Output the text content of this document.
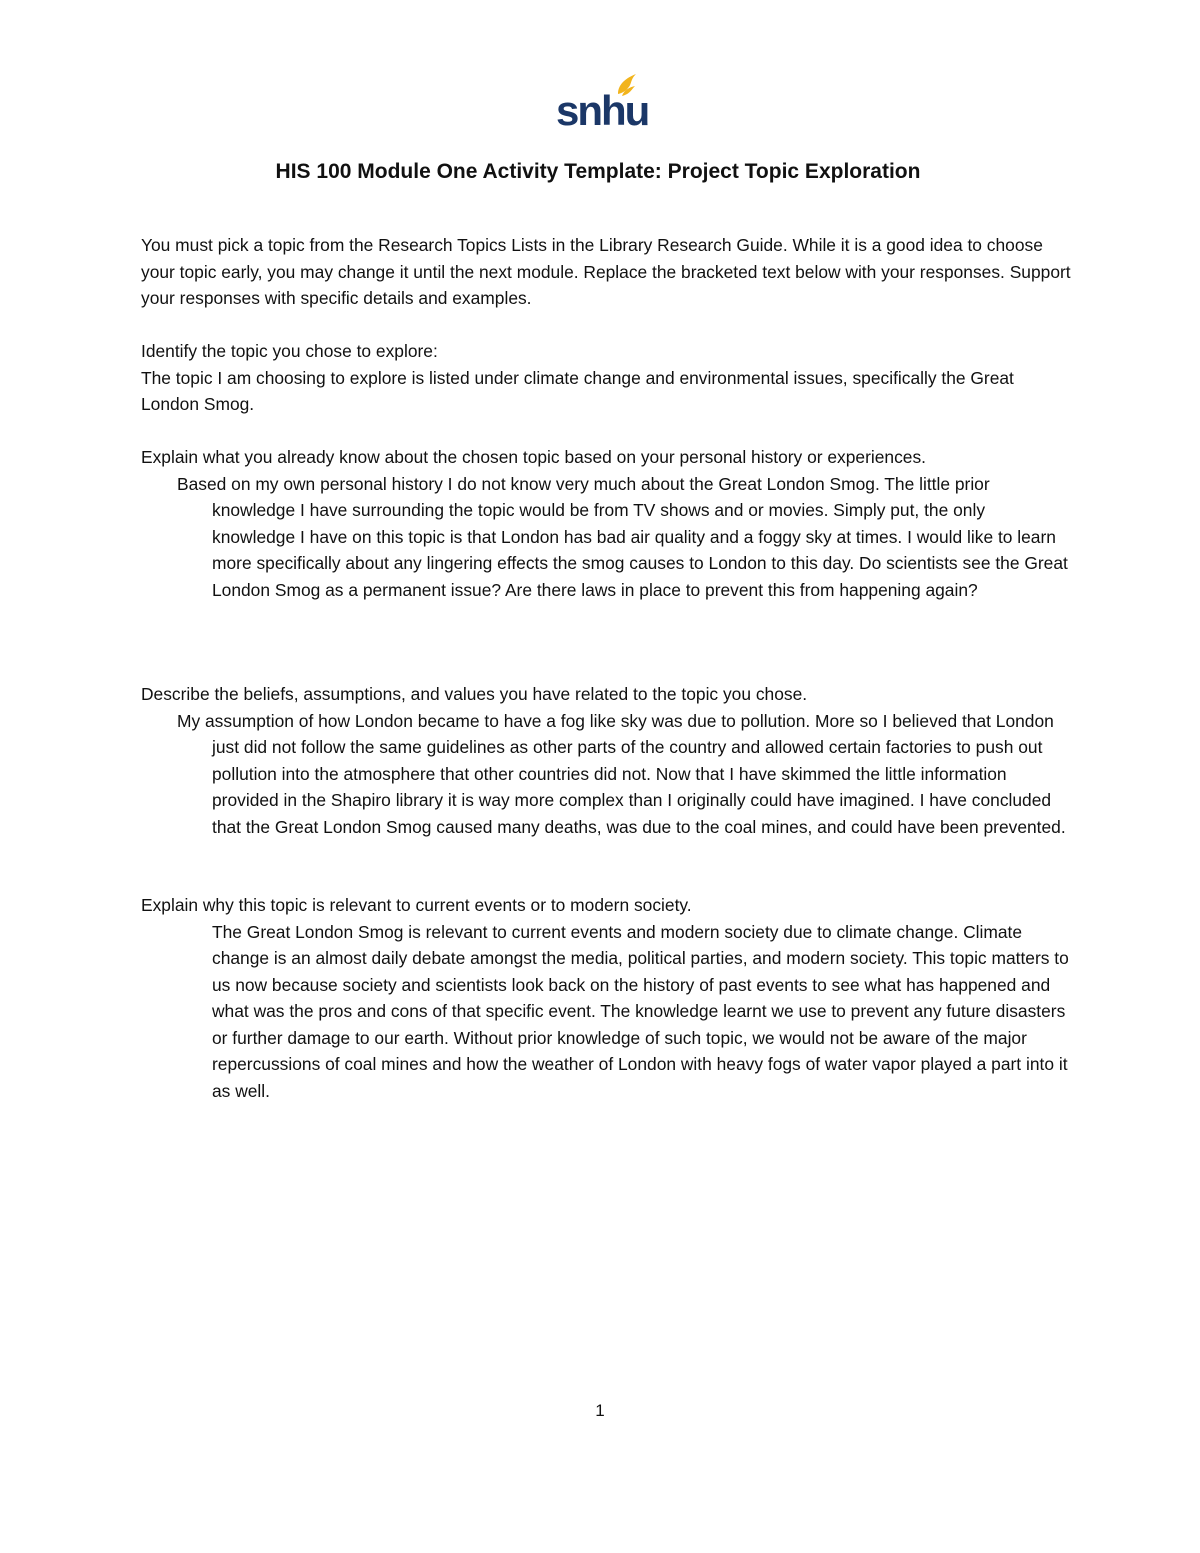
snhu
HIS 100 Module One Activity Template: Project Topic Exploration

You must pick a topic from the Research Topics Lists in the Library Research Guide. While it is a good idea to choose your topic early, you may change it until the next module. Replace the bracketed text below with your responses. Support your responses with specific details and examples.

Identify the topic you chose to explore:

The topic I am choosing to explore is listed under climate change and environmental issues, specifically the Great London Smog.

Explain what you already know about the chosen topic based on your personal history or experiences.

Based on my own personal history I do not know very much about the Great London Smog. The little prior knowledge I have surrounding the topic would be from TV shows and or movies. Simply put, the only knowledge I have on this topic is that London has bad air quality and a foggy sky at times. I would like to learn more specifically about any lingering effects the smog causes to London to this day. Do scientists see the Great London Smog as a permanent issue? Are there laws in place to prevent this from happening again?

Describe the beliefs, assumptions, and values you have related to the topic you chose.

My assumption of how London became to have a fog like sky was due to pollution. More so I believed that London just did not follow the same guidelines as other parts of the country and allowed certain factories to push out pollution into the atmosphere that other countries did not. Now that I have skimmed the little information provided in the Shapiro library it is way more complex than I originally could have imagined. I have concluded that the Great London Smog caused many deaths, was due to the coal mines, and could have been prevented.

Explain why this topic is relevant to current events or to modern society.

The Great London Smog is relevant to current events and modern society due to climate change. Climate change is an almost daily debate amongst the media, political parties, and modern society. This topic matters to us now because society and scientists look back on the history of past events to see what has happened and what was the pros and cons of that specific event. The knowledge learnt we use to prevent any future disasters or further damage to our earth. Without prior knowledge of such topic, we would not be aware of the major repercussions of coal mines and how the weather of London with heavy fogs of water vapor played a part into it as well.

1
